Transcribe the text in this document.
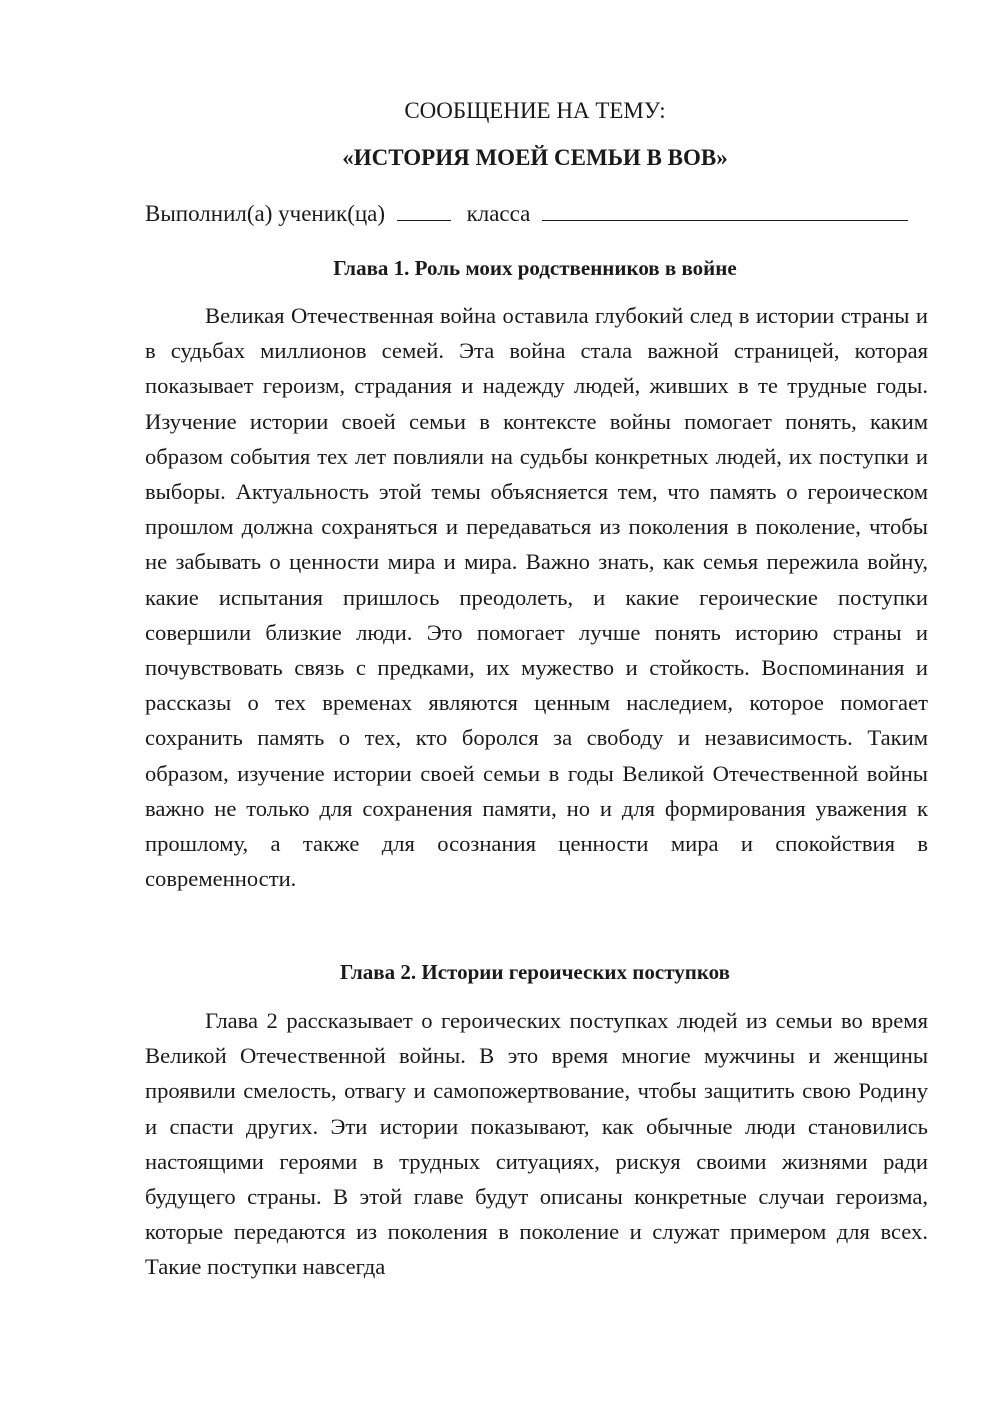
СООБЩЕНИЕ НА ТЕМУ:
«ИСТОРИЯ МОЕЙ СЕМЬИ В ВОВ»
Выполнил(а) ученик(ца)	класса
Глава 1. Роль моих родственников в войне

Великая Отечественная война оставила глубокий след в истории страны и в судьбах миллионов семей. Эта война стала важной страницей, которая показывает героизм, страдания и надежду людей, живших в те трудные годы. Изучение истории своей семьи в контексте войны помогает понять, каким образом события тех лет повлияли на судьбы конкретных людей, их поступки и выборы. Актуальность этой темы объясняется тем, что память о героическом прошлом должна сохраняться и передаваться из поколения в поколение, чтобы не забывать о ценности мира и мира. Важно знать, как семья пережила войну, какие испытания пришлось преодолеть, и какие героические поступки совершили близкие люди. Это помогает лучше понять историю страны и почувствовать связь с предками, их мужество и стойкость. Воспоминания и рассказы о тех временах являются ценным наследием, которое помогает сохранить память о тех, кто боролся за свободу и независимость. Таким образом, изучение истории своей семьи в годы Великой Отечественной войны важно не только для сохранения памяти, но и для формирования уважения к прошлому, а также для осознания ценности мира и спокойствия в современности.

Глава 2. Истории героических поступков

Глава 2 рассказывает о героических поступках людей из семьи во время Великой Отечественной войны. В это время многие мужчины и женщины проявили смелость, отвагу и самопожертвование, чтобы защитить свою Родину и спасти других. Эти истории показывают, как обычные люди становились настоящими героями в трудных ситуациях, рискуя своими жизнями ради будущего страны. В этой главе будут описаны конкретные случаи героизма, которые передаются из поколения в поколение и служат примером для всех. Такие поступки навсегда
